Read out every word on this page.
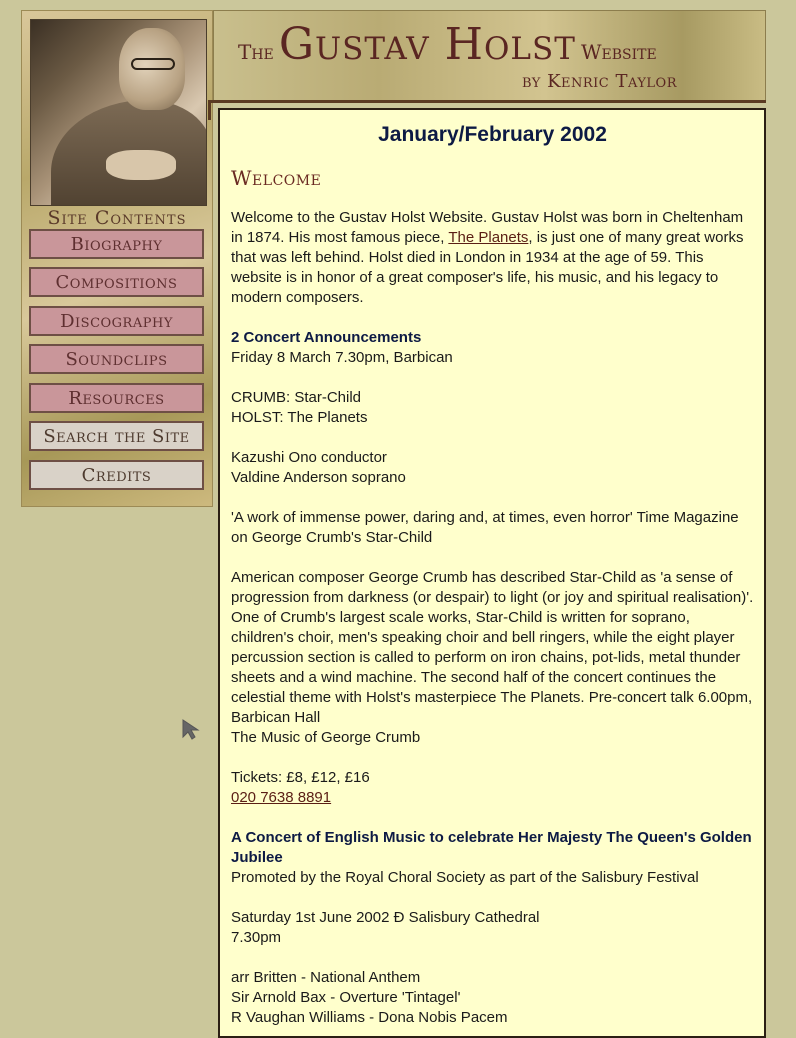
Site Contents
Biography
Compositions
Discography
Soundclips
Resources
Search the Site
Credits
The Gustav Holst Website
by Kenric Taylor
January/February 2002
Welcome

Welcome to the Gustav Holst Website. Gustav Holst was born in Cheltenham in 1874. His most famous piece, The Planets, is just one of many great works that was left behind. Holst died in London in 1934 at the age of 59. This website is in honor of a great composer's life, his music, and his legacy to modern composers.

2 Concert Announcements
Friday 8 March 7.30pm, Barbican

CRUMB: Star-Child
HOLST: The Planets

Kazushi Ono conductor
Valdine Anderson soprano

'A work of immense power, daring and, at times, even horror' Time Magazine on George Crumb's Star-Child

American composer George Crumb has described Star-Child as 'a sense of progression from darkness (or despair) to light (or joy and spiritual realisation)'. One of Crumb's largest scale works, Star-Child is written for soprano, children's choir, men's speaking choir and bell ringers, while the eight player percussion section is called to perform on iron chains, pot-lids, metal thunder sheets and a wind machine. The second half of the concert continues the celestial theme with Holst's masterpiece The Planets. Pre-concert talk 6.00pm, Barbican Hall
The Music of George Crumb

Tickets: £8, £12, £16
020 7638 8891

A Concert of English Music to celebrate Her Majesty The Queen's Golden Jubilee
Promoted by the Royal Choral Society as part of the Salisbury Festival

Saturday 1st June 2002 Ð Salisbury Cathedral
7.30pm

arr Britten - National Anthem
Sir Arnold Bax - Overture 'Tintagel'
R Vaughan Williams - Dona Nobis Pacem
